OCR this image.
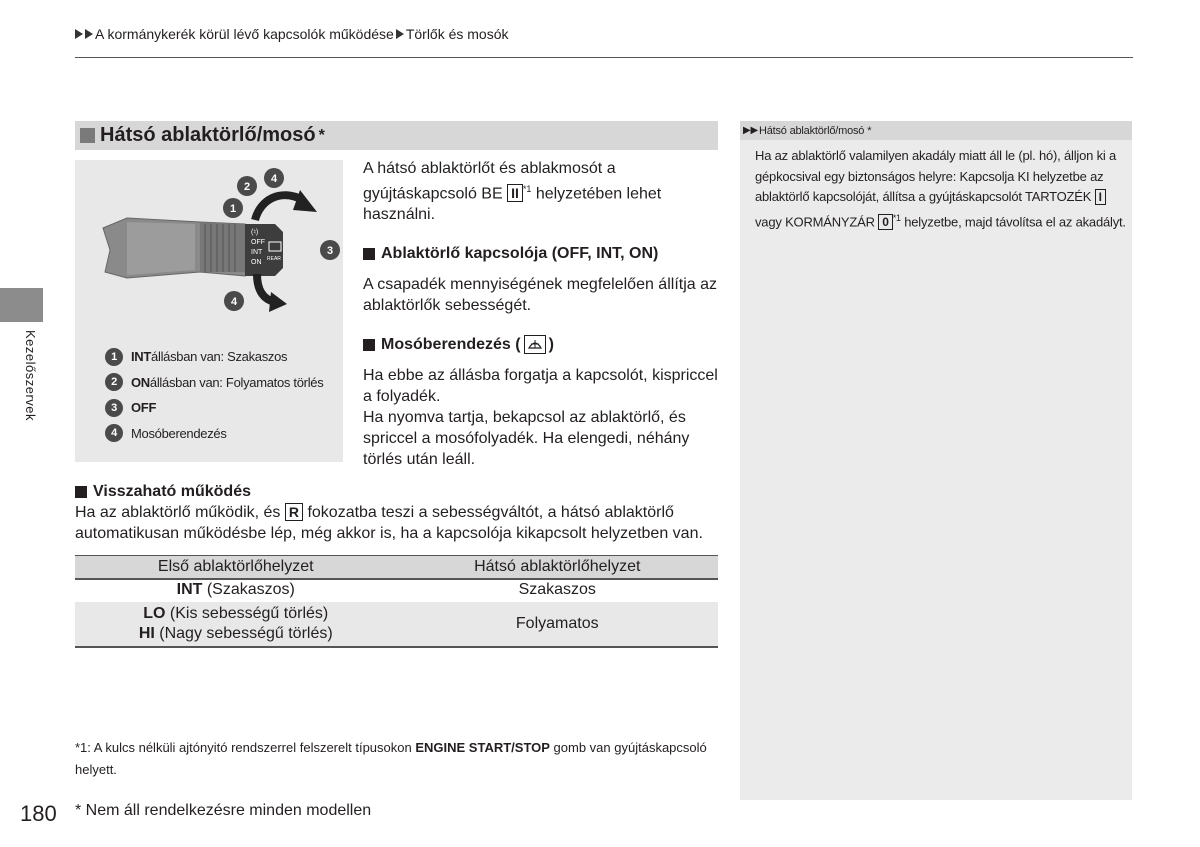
A kormánykerék körül lévő kapcsolók működése Törlők és mosók
Kezelőszervek
Hátsó ablaktörlő/mosó *
(♮)
OFF
INT
ON REAR
1
2
3
4
4
1	INT állásban van: Szakaszos
2	ON állásban van: Folyamatos törlés
3	OFF
4	Mosóberendezés

A hátsó ablaktörlőt és ablakmosót a gyújtáskapcsoló BE II $^{*1}$ helyzetében lehet használni.

Ablaktörlő kapcsolója (OFF, INT, ON)

A csapadék mennyiségének megfelelően állítja az ablaktörlők sebességét.

Mosóberendezés ( )

Ha ebbe az állásba forgatja a kapcsolót, kispriccel a folyadék.

Ha nyomva tartja, bekapcsol az ablaktörlő, és spriccel a mosófolyadék. Ha elengedi, néhány törlés után leáll.

Visszaható működés

Ha az ablaktörlő működik, és R fokozatba teszi a sebességváltót, a hátsó ablaktörlő automatikusan működésbe lép, még akkor is, ha a kapcsolója kikapcsolt helyzetben van.

Első ablaktörlőhelyzet	Hátsó ablaktörlőhelyzet
INT (Szakaszos)	Szakaszos

LO (Kis sebességű törlés)
HI (Nagy sebességű törlés)	Folyamatos
*1: A kulcs nélküli ajtónyitó rendszerrel felszerelt típusokon ENGINE START/STOP gomb van gyújtáskapcsoló helyett.
180 * Nem áll rendelkezésre minden modellen
▶▶ Hátsó ablaktörlő/mosó *
Ha az ablaktörlő valamilyen akadály miatt áll le (pl. hó), álljon ki a gépkocsival egy biztonságos helyre: Kapcsolja KI helyzetbe az ablaktörlő kapcsolóját, állítsa a gyújtáskapcsolót TARTOZÉK I vagy KORMÁNYZÁR 0 $^{*1}$ helyzetbe, majd távolítsa el az akadályt.
